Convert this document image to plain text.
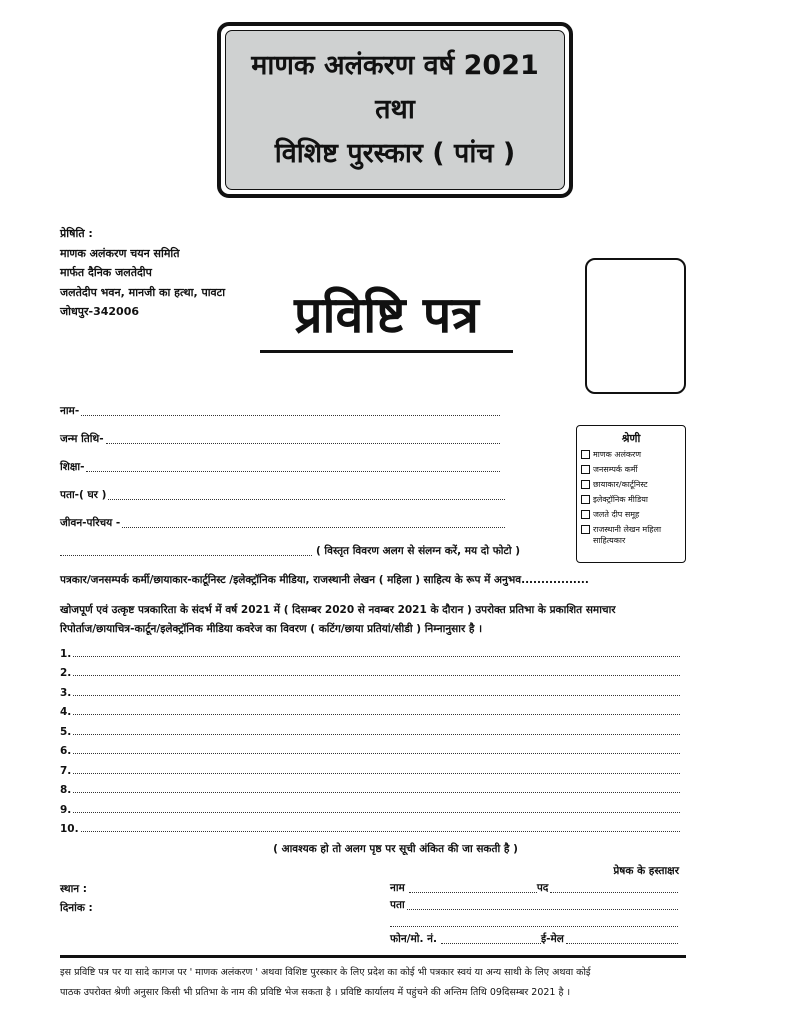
माणक अलंकरण वर्ष 2021
तथा
विशिष्ट पुरस्कार ( पांच )
प्रेषिति :
माणक अलंकरण चयन समिति
मार्फत दैनिक जलतेदीप
जलतेदीप भवन, मानजी का हत्था, पावटा
जोधपुर-342006	प्रविष्टि पत्र
श्रेणी
माणक अलंकरण
जनसम्पर्क कर्मी
छायाकार/कार्टूनिस्ट
इलेक्ट्रॉनिक मीडिया
जलते दीप समूह
राजस्थानी लेखन महिला साहित्यकार
नाम-
जन्म तिथि-
शिक्षा-
पता-( घर )
जीवन-परिचय -
( विस्तृत विवरण अलग से संलग्न करें, मय दो फोटो )
पत्रकार/जनसम्पर्क कर्मी/छायाकार-कार्टूनिस्ट /इलेक्ट्रॉनिक मीडिया, राजस्थानी लेखन ( महिला ) साहित्य के रूप में अनुभव.................
खोजपूर्ण एवं उत्कृष्ट पत्रकारिता के संदर्भ में वर्ष 2021 में ( दिसम्बर 2020 से नवम्बर 2021 के दौरान ) उपरोक्त प्रतिभा के प्रकाशित समाचार
रिपोर्ताज/छायाचित्र-कार्टून/इलेक्ट्रॉनिक मीडिया कवरेज का विवरण ( कटिंग/छाया प्रतियां/सीडी ) निम्नानुसार है ।
1.
2.
3.
4.
5.
6.
7.
8.
9.
10.
( आवश्यक हो तो अलग पृष्ठ पर सूची अंकित की जा सकती है )
प्रेषक के हस्ताक्षर
स्थान :
दिनांक :
नाम	पद
पता
फोन/मो. नं.	ई-मेल
इस प्रविष्टि पत्र पर या सादे कागज पर ' माणक अलंकरण ' अथवा विशिष्ट पुरस्कार के लिए प्रदेश का कोई भी पत्रकार स्वयं या अन्य साथी के लिए अथवा कोई
पाठक उपरोक्त श्रेणी अनुसार किसी भी प्रतिभा के नाम की प्रविष्टि भेज सकता है । प्रविष्टि कार्यालय में पहुंचने की अन्तिम तिथि 09दिसम्बर 2021 है ।
